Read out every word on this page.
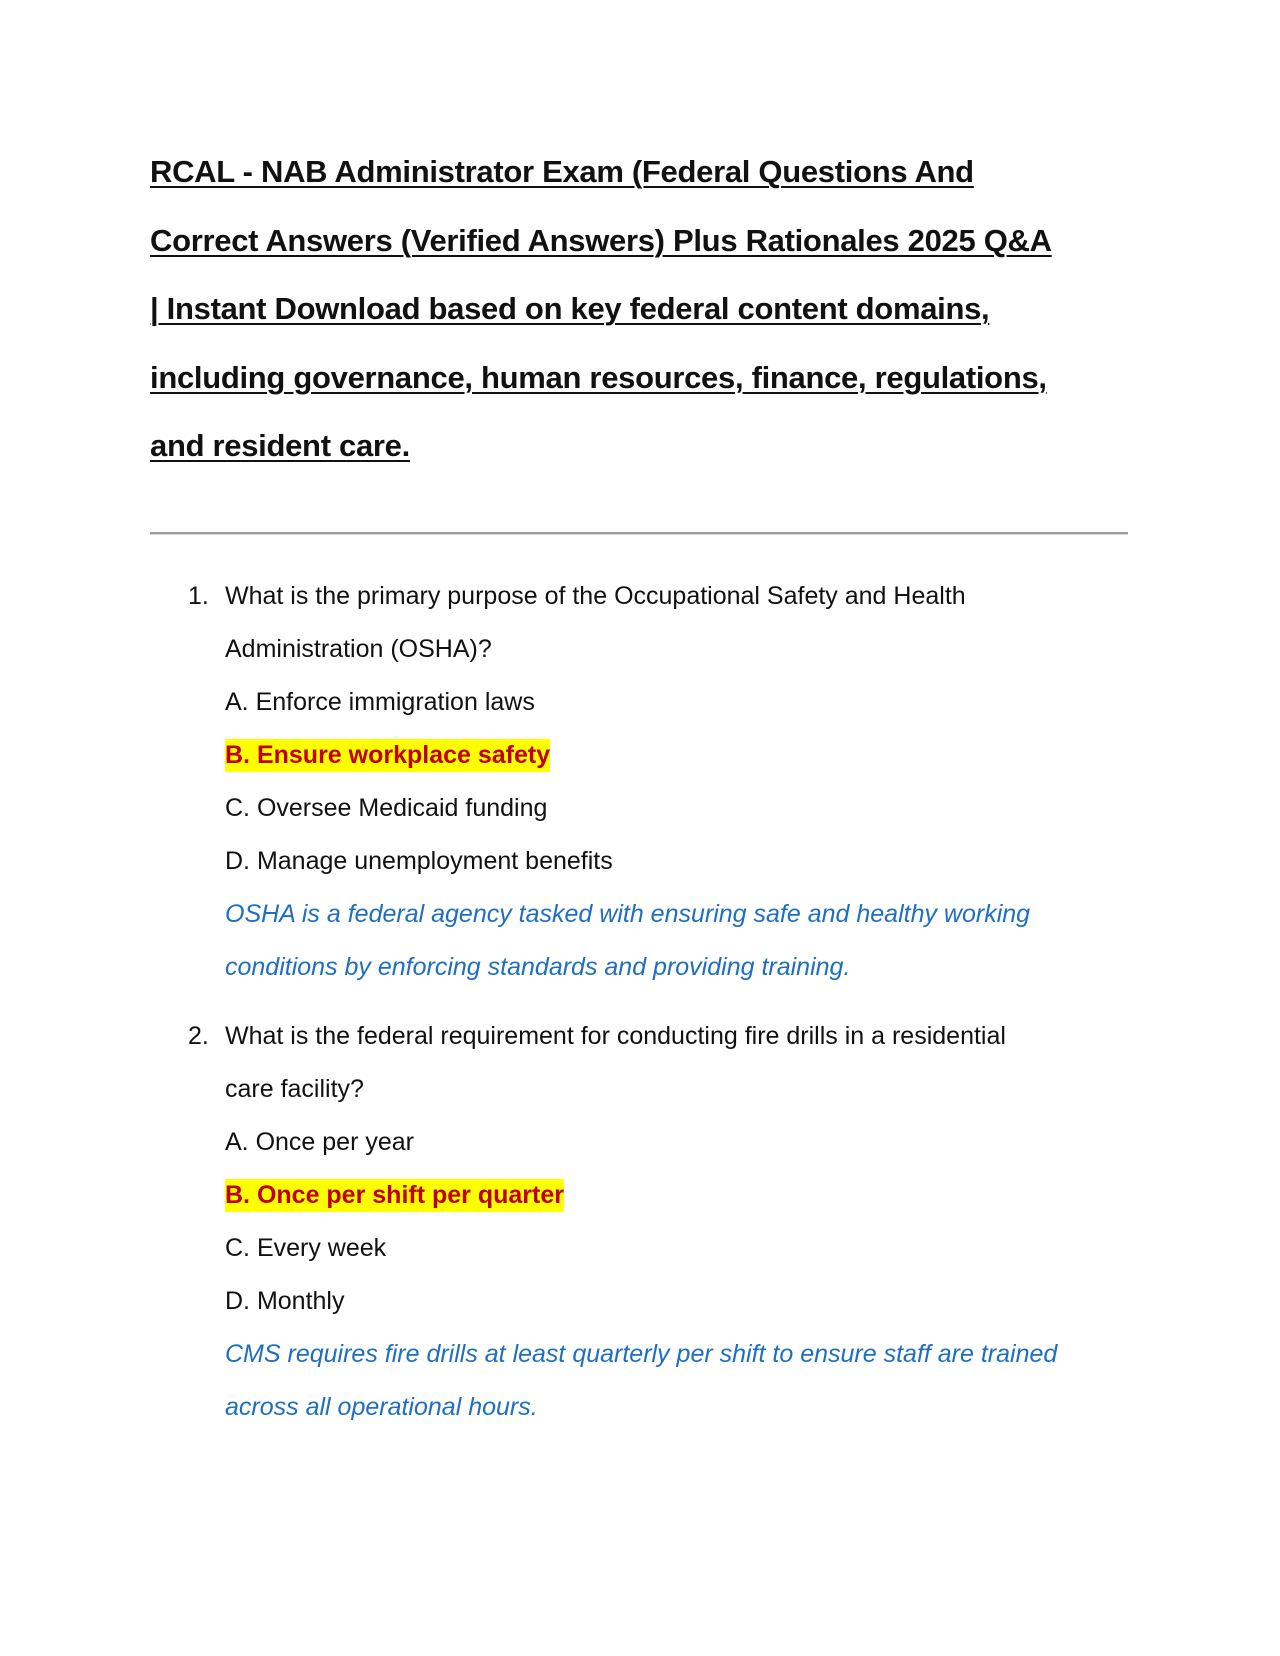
RCAL - NAB Administrator Exam (Federal Questions And
Correct Answers (Verified Answers) Plus Rationales 2025 Q&A
| Instant Download based on key federal content domains,
including governance, human resources, finance, regulations,
and resident care.
1. What is the primary purpose of the Occupational Safety and Health
Administration (OSHA)?
A. Enforce immigration laws
B. Ensure workplace safety
C. Oversee Medicaid funding
D. Manage unemployment benefits
OSHA is a federal agency tasked with ensuring safe and healthy working
conditions by enforcing standards and providing training.
2. What is the federal requirement for conducting fire drills in a residential
care facility?
A. Once per year
B. Once per shift per quarter
C. Every week
D. Monthly
CMS requires fire drills at least quarterly per shift to ensure staff are trained
across all operational hours.
